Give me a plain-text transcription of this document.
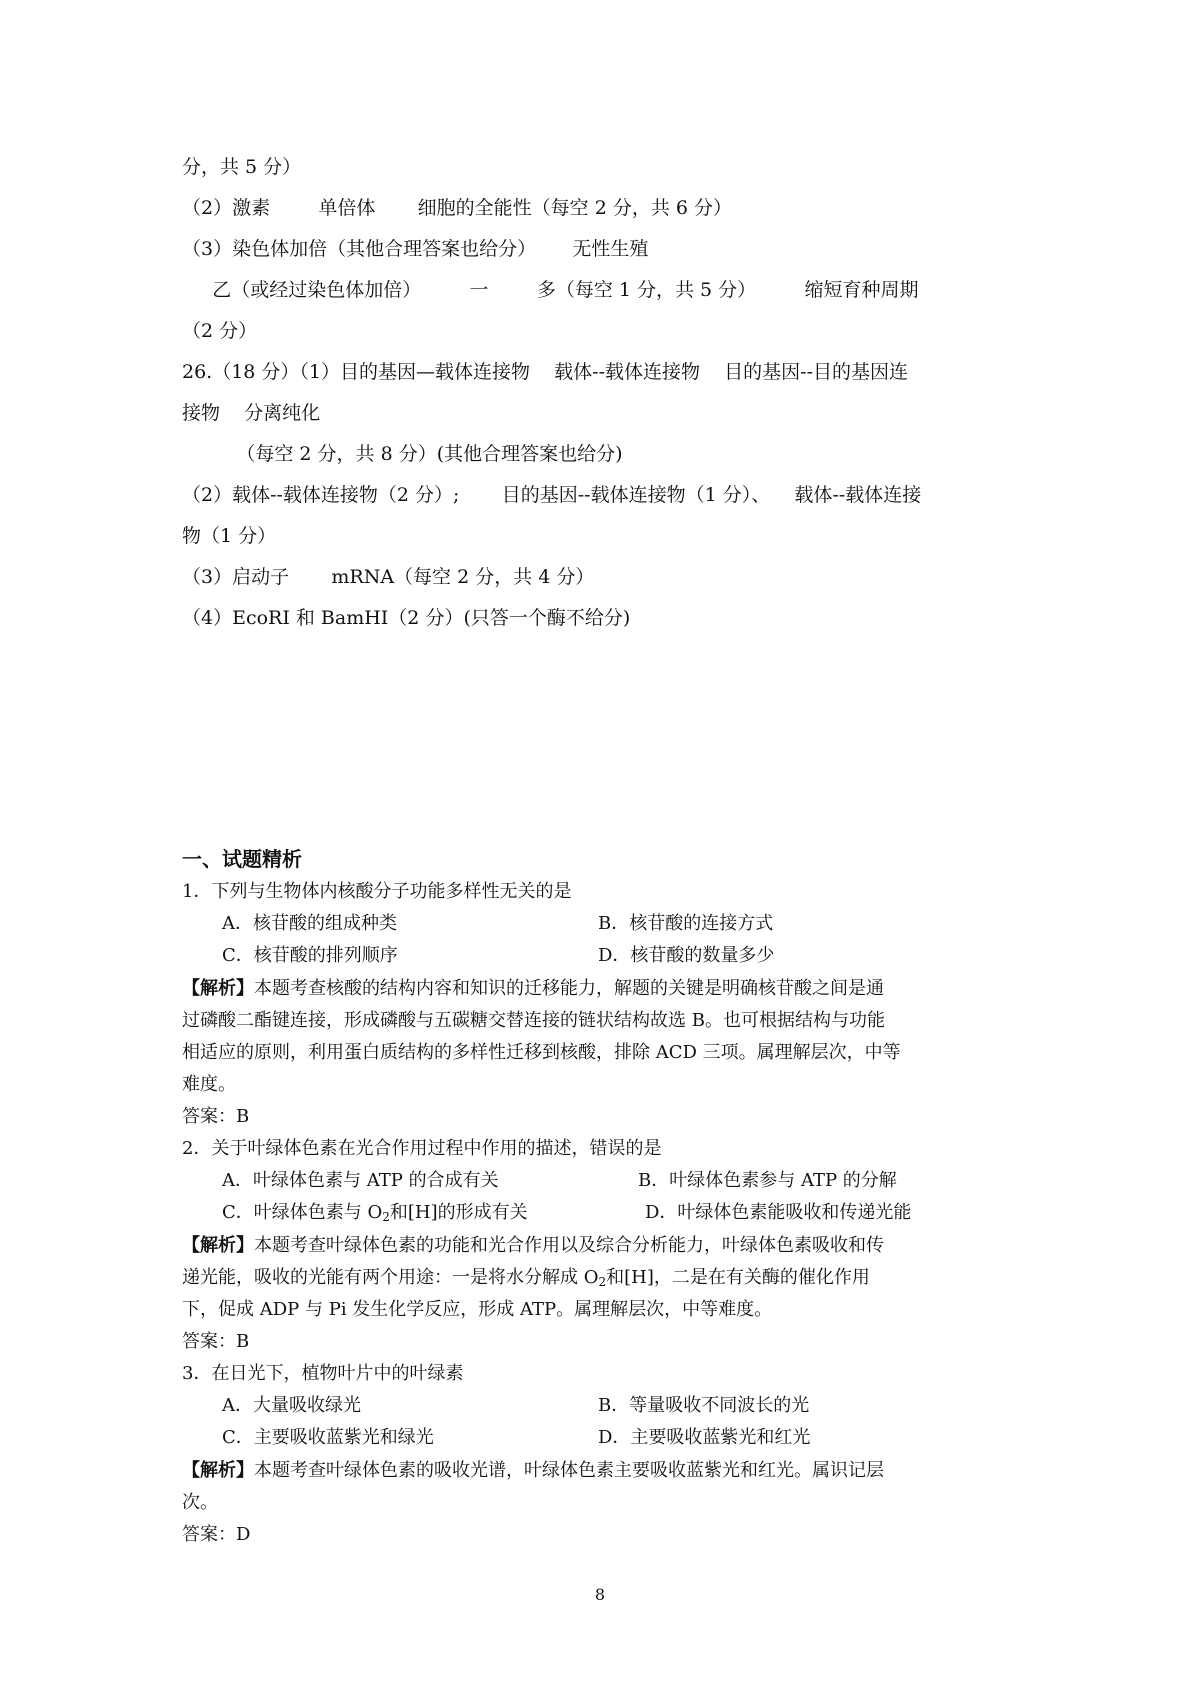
分，共 5 分）
（2）激素        单倍体       细胞的全能性（每空 2 分，共 6 分）
（3）染色体加倍（其他合理答案也给分）      无性生殖
乙（或经过染色体加倍）        一        多（每空 1 分，共 5 分）        缩短育种周期
（2 分）
26.（18 分）（1）目的基因—载体连接物    载体--载体连接物    目的基因--目的基因连
接物    分离纯化
（每空 2 分，共 8 分）(其他合理答案也给分)
（2）载体--载体连接物（2 分）;       目的基因--载体连接物（1 分）、    载体--载体连接
物（1 分）
（3）启动子       mRNA（每空 2 分，共 4 分）
（4）EcoRI 和 BamHI（2 分）(只答一个酶不给分)
一、试题精析
1．下列与生物体内核酸分子功能多样性无关的是
A．核苷酸的组成种类	B．核苷酸的连接方式
C．核苷酸的排列顺序	D．核苷酸的数量多少
【解析】本题考查核酸的结构内容和知识的迁移能力，解题的关键是明确核苷酸之间是通
过磷酸二酯键连接，形成磷酸与五碳糖交替连接的链状结构故选 B。也可根据结构与功能
相适应的原则，利用蛋白质结构的多样性迁移到核酸，排除 ACD 三项。属理解层次，中等
难度。
答案：B
2．关于叶绿体色素在光合作用过程中作用的描述，错误的是
A．叶绿体色素与 ATP 的合成有关	B．叶绿体色素参与 ATP 的分解
C．叶绿体色素与 $O_2$和[H]的形成有关	D．叶绿体色素能吸收和传递光能
【解析】本题考查叶绿体色素的功能和光合作用以及综合分析能力，叶绿体色素吸收和传
递光能，吸收的光能有两个用途：一是将水分解成 $O_2$和[H]，二是在有关酶的催化作用
下，促成 ADP 与 Pi 发生化学反应，形成 ATP。属理解层次，中等难度。
答案：B
3．在日光下，植物叶片中的叶绿素
A．大量吸收绿光	B．等量吸收不同波长的光
C．主要吸收蓝紫光和绿光	D．主要吸收蓝紫光和红光
【解析】本题考查叶绿体色素的吸收光谱，叶绿体色素主要吸收蓝紫光和红光。属识记层
次。
答案：D
8
